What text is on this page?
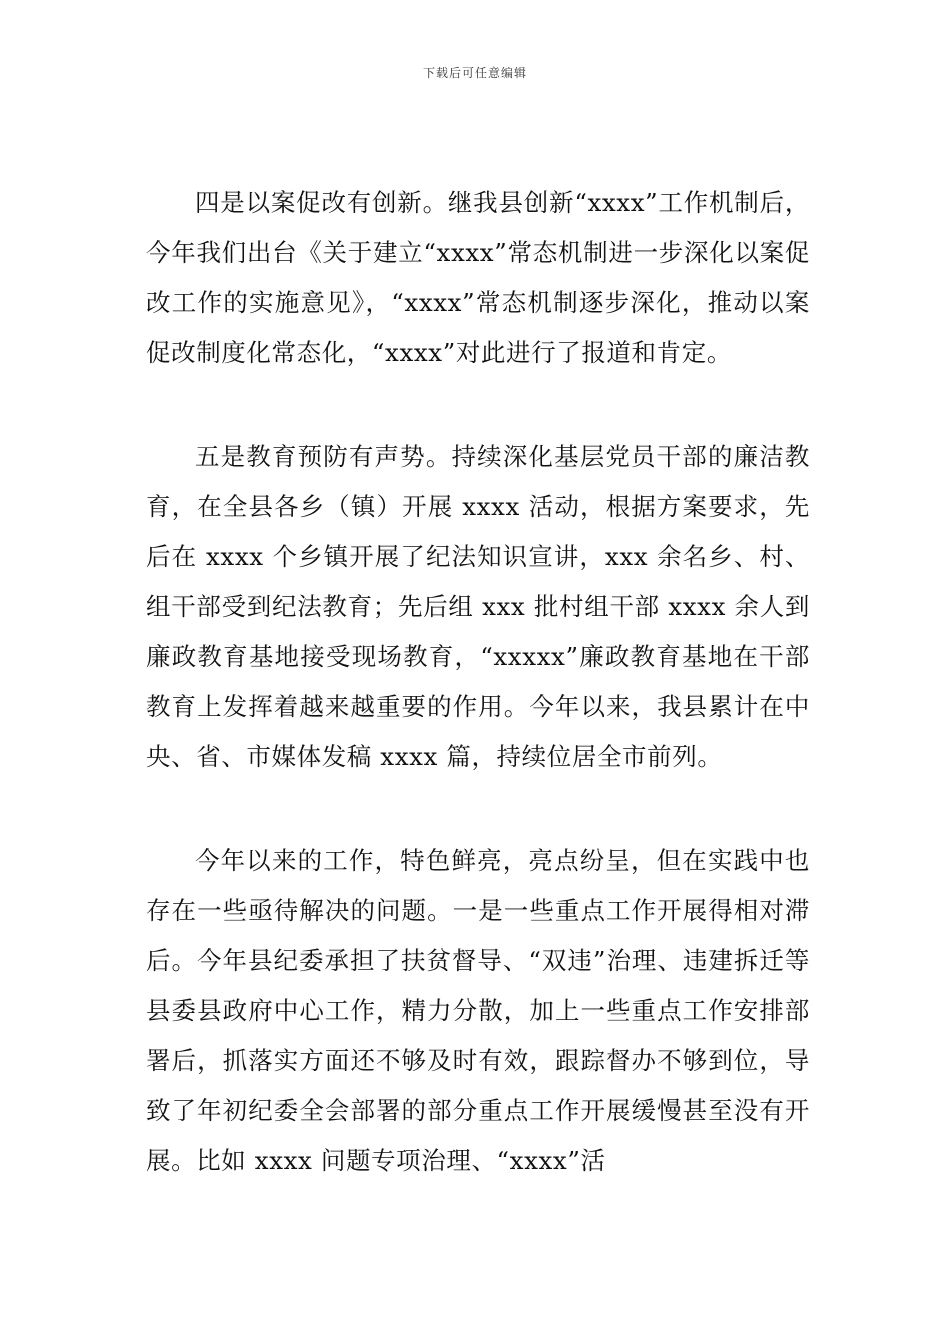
下载后可任意编辑

四是以案促改有创新。继我县创新“xxxx”工作机制后，今年我们出台《关于建立“xxxx”常态机制进一步深化以案促改工作的实施意见》，“xxxx”常态机制逐步深化，推动以案促改制度化常态化，“xxxx”对此进行了报道和肯定。

五是教育预防有声势。持续深化基层党员干部的廉洁教育，在全县各乡（镇）开展 xxxx 活动，根据方案要求，先后在 xxxx 个乡镇开展了纪法知识宣讲，xxx 余名乡、村、组干部受到纪法教育；先后组 xxx 批村组干部 xxxx 余人到廉政教育基地接受现场教育，“xxxxx”廉政教育基地在干部教育上发挥着越来越重要的作用。今年以来，我县累计在中央、省、市媒体发稿 xxxx 篇，持续位居全市前列。

今年以来的工作，特色鲜亮，亮点纷呈，但在实践中也存在一些亟待解决的问题。一是一些重点工作开展得相对滞后。今年县纪委承担了扶贫督导、“双违”治理、违建拆迁等县委县政府中心工作，精力分散，加上一些重点工作安排部署后，抓落实方面还不够及时有效，跟踪督办不够到位，导致了年初纪委全会部署的部分重点工作开展缓慢甚至没有开展。比如 xxxx 问题专项治理、“xxxx”活
